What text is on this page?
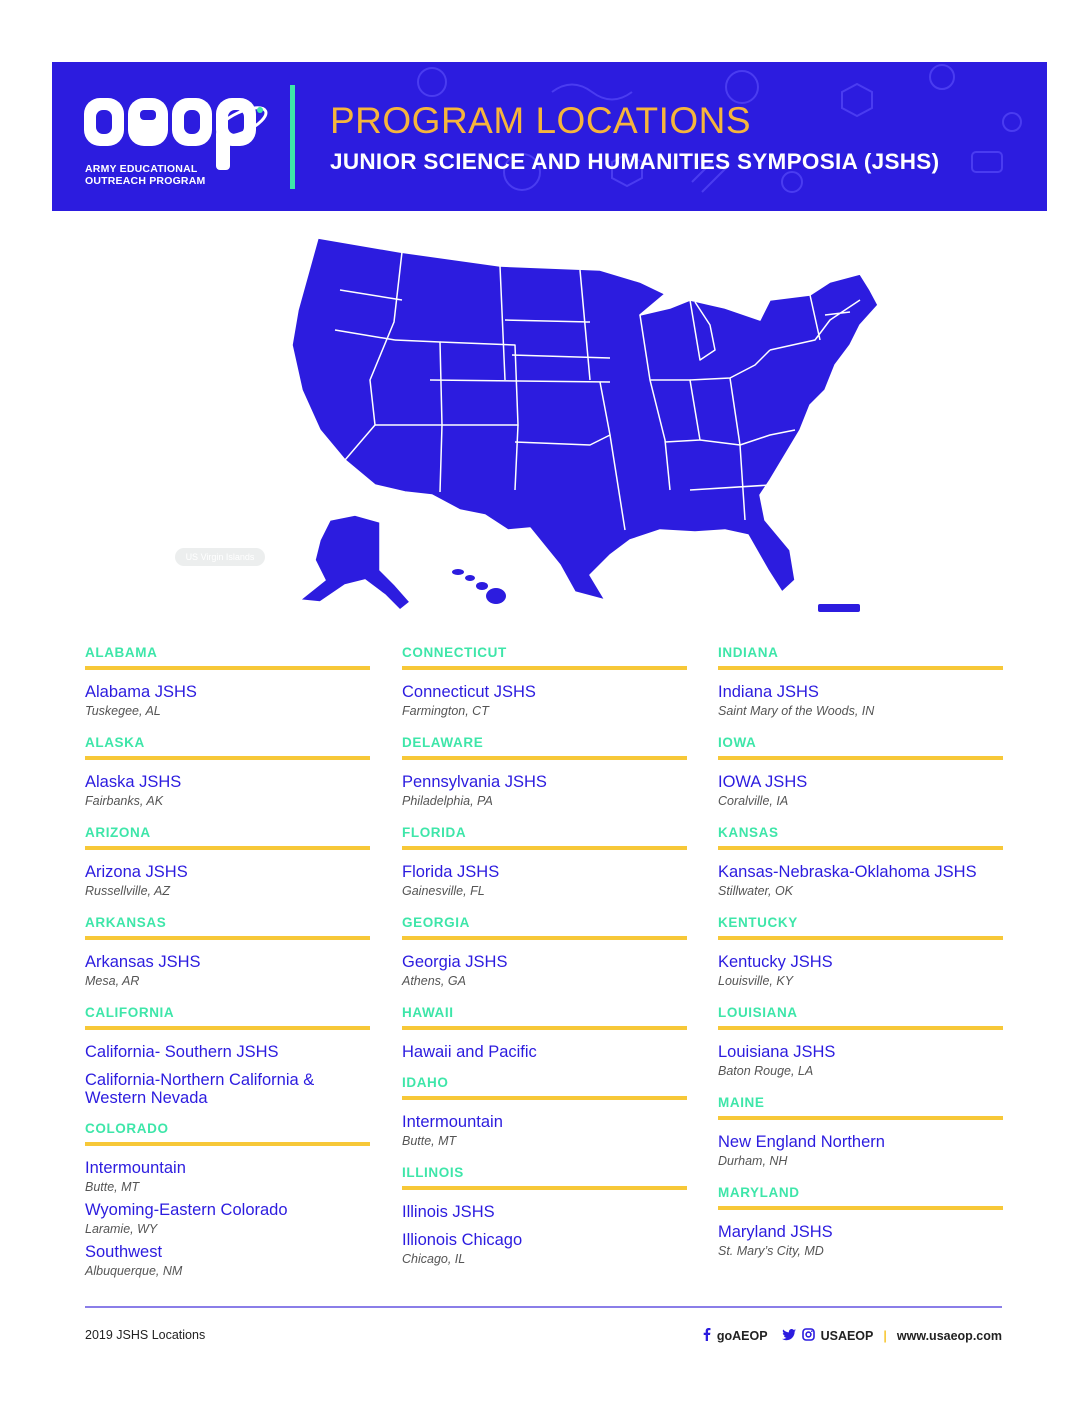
ARMY EDUCATIONAL
OUTREACH PROGRAM
PROGRAM LOCATIONS
JUNIOR SCIENCE AND HUMANITIES SYMPOSIA (JSHS)
US Virgin Islands
ALABAMA
Alabama JSHS
Tuskegee, AL
ALASKA
Alaska JSHS
Fairbanks, AK
ARIZONA
Arizona JSHS
Russellville, AZ
ARKANSAS
Arkansas JSHS
Mesa, AR
CALIFORNIA
California- Southern JSHS
California-Northern California & Western Nevada
COLORADO
Intermountain
Butte, MT
Wyoming-Eastern Colorado
Laramie, WY
Southwest
Albuquerque, NM
CONNECTICUT
Connecticut JSHS
Farmington, CT
DELAWARE
Pennsylvania JSHS
Philadelphia, PA
FLORIDA
Florida JSHS
Gainesville, FL
GEORGIA
Georgia JSHS
Athens, GA
HAWAII
Hawaii and Pacific
IDAHO
Intermountain
Butte, MT
ILLINOIS
Illinois JSHS
Illionois Chicago
Chicago, IL
INDIANA
Indiana JSHS
Saint Mary of the Woods, IN
IOWA
IOWA JSHS
Coralville, IA
KANSAS
Kansas-Nebraska-Oklahoma JSHS
Stillwater, OK
KENTUCKY
Kentucky JSHS
Louisville, KY
LOUISIANA
Louisiana JSHS
Baton Rouge, LA
MAINE
New England Northern
Durham, NH
MARYLAND
Maryland JSHS
St. Mary’s City, MD
2019 JSHS Locations	goAEOP	USAEOP | www.usaeop.com
